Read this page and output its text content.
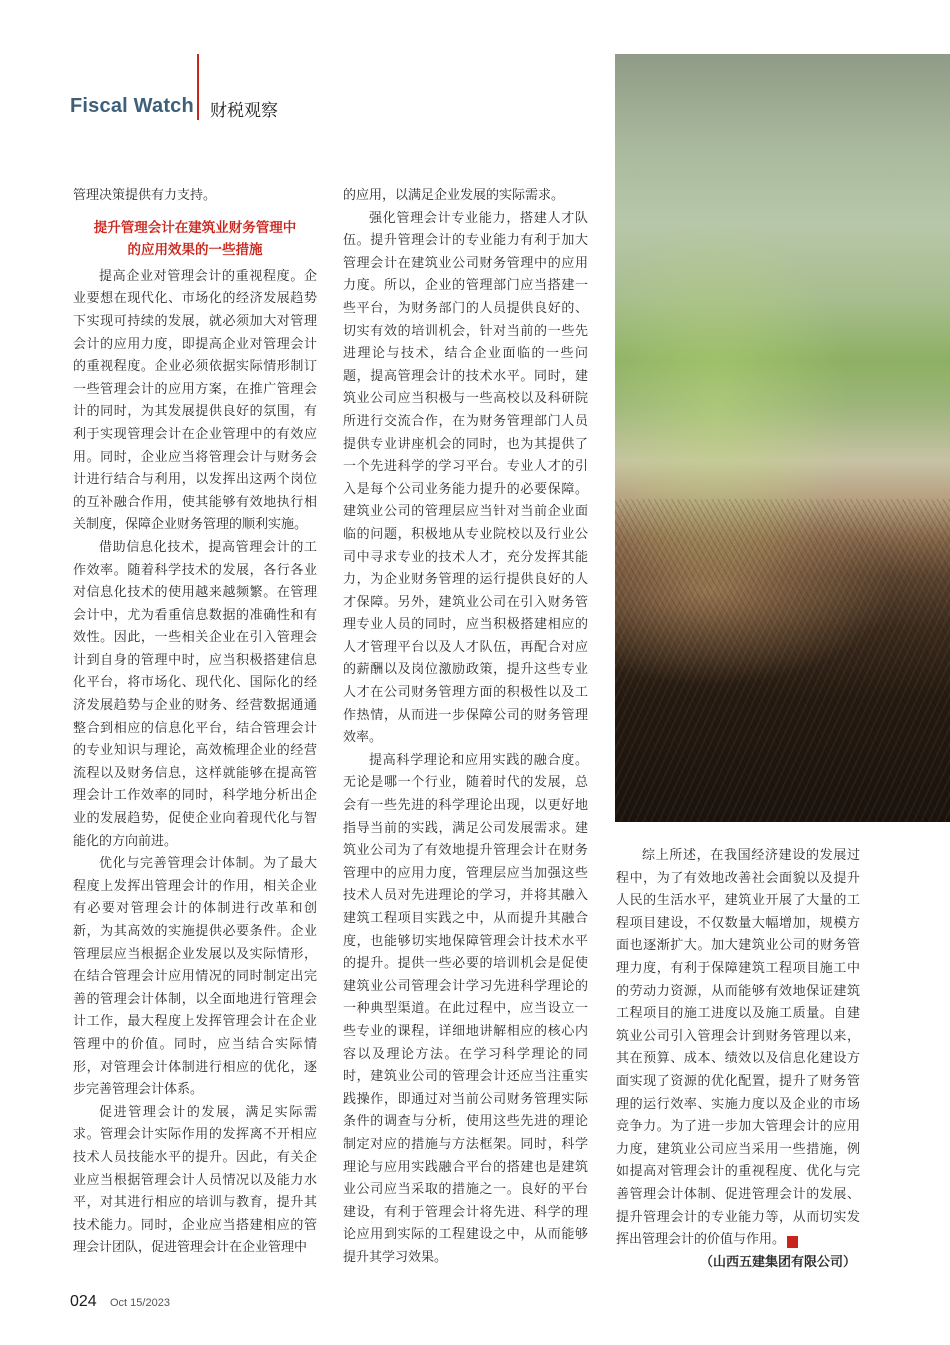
Fiscal Watch 财税观察

管理决策提供有力支持。

提升管理会计在建筑业财务管理中
的应用效果的一些措施

提高企业对管理会计的重视程度。企业要想在现代化、市场化的经济发展趋势下实现可持续的发展，就必须加大对管理会计的应用力度，即提高企业对管理会计的重视程度。企业必须依据实际情形制订一些管理会计的应用方案，在推广管理会计的同时，为其发展提供良好的氛围，有利于实现管理会计在企业管理中的有效应用。同时，企业应当将管理会计与财务会计进行结合与利用，以发挥出这两个岗位的互补融合作用，使其能够有效地执行相关制度，保障企业财务管理的顺利实施。

借助信息化技术，提高管理会计的工作效率。随着科学技术的发展，各行各业对信息化技术的使用越来越频繁。在管理会计中，尤为看重信息数据的准确性和有效性。因此，一些相关企业在引入管理会计到自身的管理中时，应当积极搭建信息化平台，将市场化、现代化、国际化的经济发展趋势与企业的财务、经营数据通通整合到相应的信息化平台，结合管理会计的专业知识与理论，高效梳理企业的经营流程以及财务信息，这样就能够在提高管理会计工作效率的同时，科学地分析出企业的发展趋势，促使企业向着现代化与智能化的方向前进。

优化与完善管理会计体制。为了最大程度上发挥出管理会计的作用，相关企业有必要对管理会计的体制进行改革和创新，为其高效的实施提供必要条件。企业管理层应当根据企业发展以及实际情形，在结合管理会计应用情况的同时制定出完善的管理会计体制，以全面地进行管理会计工作，最大程度上发挥管理会计在企业管理中的价值。同时，应当结合实际情形，对管理会计体制进行相应的优化，逐步完善管理会计体系。

促进管理会计的发展，满足实际需求。管理会计实际作用的发挥离不开相应技术人员技能水平的提升。因此，有关企业应当根据管理会计人员情况以及能力水平，对其进行相应的培训与教育，提升其技术能力。同时，企业应当搭建相应的管理会计团队，促进管理会计在企业管理中

的应用，以满足企业发展的实际需求。

强化管理会计专业能力，搭建人才队伍。提升管理会计的专业能力有利于加大管理会计在建筑业公司财务管理中的应用力度。所以，企业的管理部门应当搭建一些平台，为财务部门的人员提供良好的、切实有效的培训机会，针对当前的一些先进理论与技术，结合企业面临的一些问题，提高管理会计的技术水平。同时，建筑业公司应当积极与一些高校以及科研院所进行交流合作，在为财务管理部门人员提供专业讲座机会的同时，也为其提供了一个先进科学的学习平台。专业人才的引入是每个公司业务能力提升的必要保障。建筑业公司的管理层应当针对当前企业面临的问题，积极地从专业院校以及行业公司中寻求专业的技术人才，充分发挥其能力，为企业财务管理的运行提供良好的人才保障。另外，建筑业公司在引入财务管理专业人员的同时，应当积极搭建相应的人才管理平台以及人才队伍，再配合对应的薪酬以及岗位激励政策，提升这些专业人才在公司财务管理方面的积极性以及工作热情，从而进一步保障公司的财务管理效率。

提高科学理论和应用实践的融合度。无论是哪一个行业，随着时代的发展，总会有一些先进的科学理论出现，以更好地指导当前的实践，满足公司发展需求。建筑业公司为了有效地提升管理会计在财务管理中的应用力度，管理层应当加强这些技术人员对先进理论的学习，并将其融入建筑工程项目实践之中，从而提升其融合度，也能够切实地保障管理会计技术水平的提升。提供一些必要的培训机会是促使建筑业公司管理会计学习先进科学理论的一种典型渠道。在此过程中，应当设立一些专业的课程，详细地讲解相应的核心内容以及理论方法。在学习科学理论的同时，建筑业公司的管理会计还应当注重实践操作，即通过对当前公司财务管理实际条件的调查与分析，使用这些先进的理论制定对应的措施与方法框架。同时，科学理论与应用实践融合平台的搭建也是建筑业公司应当采取的措施之一。良好的平台建设，有利于管理会计将先进、科学的理论应用到实际的工程建设之中，从而能够提升其学习效果。

综上所述，在我国经济建设的发展过程中，为了有效地改善社会面貌以及提升人民的生活水平，建筑业开展了大量的工程项目建设，不仅数量大幅增加，规模方面也逐渐扩大。加大建筑业公司的财务管理力度，有利于保障建筑工程项目施工中的劳动力资源，从而能够有效地保证建筑工程项目的施工进度以及施工质量。自建筑业公司引入管理会计到财务管理以来，其在预算、成本、绩效以及信息化建设方面实现了资源的优化配置，提升了财务管理的运行效率、实施力度以及企业的市场竞争力。为了进一步加大管理会计的应用力度，建筑业公司应当采用一些措施，例如提高对管理会计的重视程度、优化与完善管理会计体制、促进管理会计的发展、提升管理会计的专业能力等，从而切实发挥出管理会计的价值与作用。	L

（山西五建集团有限公司）

024 Oct 15/2023
